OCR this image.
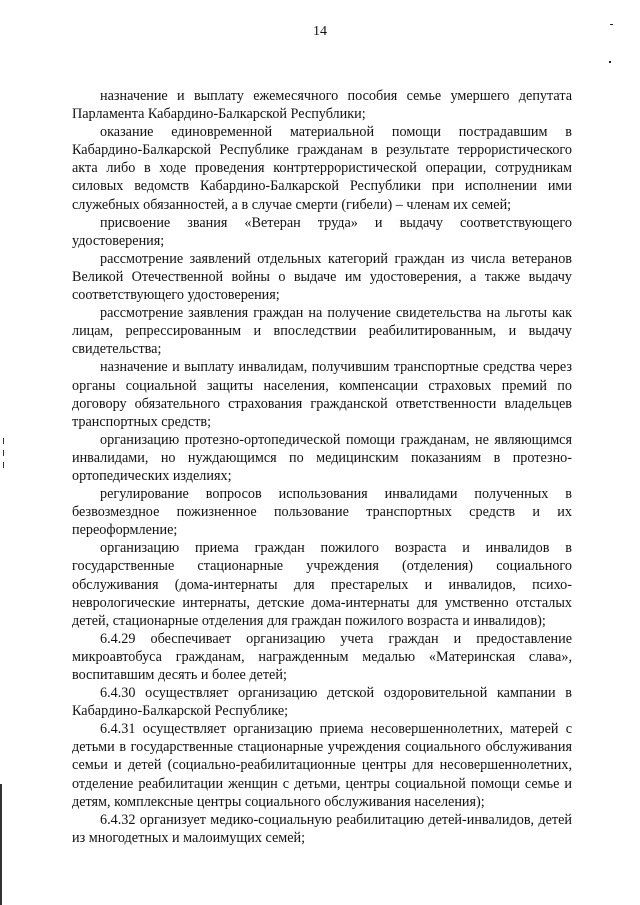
14

назначение и выплату ежемесячного пособия семье умершего депутата Парламента Кабардино-Балкарской Республики;

оказание единовременной материальной помощи пострадавшим в Кабардино-Балкарской Республике гражданам в результате террористического акта либо в ходе проведения контртеррористической операции, сотрудникам силовых ведомств Кабардино-Балкарской Республики при исполнении ими служебных обязанностей, а в случае смерти (гибели) – членам их семей;

присвоение звания «Ветеран труда» и выдачу соответствующего удостоверения;

рассмотрение заявлений отдельных категорий граждан из числа ветеранов Великой Отечественной войны о выдаче им удостоверения, а также выдачу соответствующего удостоверения;

рассмотрение заявления граждан на получение свидетельства на льготы как лицам, репрессированным и впоследствии реабилитированным, и выдачу свидетельства;

назначение и выплату инвалидам, получившим транспортные средства через органы социальной защиты населения, компенсации страховых премий по договору обязательного страхования гражданской ответственности владельцев транспортных средств;

организацию протезно-ортопедической помощи гражданам, не являющимся инвалидами, но нуждающимся по медицинским показаниям в протезно-ортопедических изделиях;

регулирование вопросов использования инвалидами полученных в безвозмездное пожизненное пользование транспортных средств и их переоформление;

организацию приема граждан пожилого возраста и инвалидов в государственные стационарные учреждения (отделения) социального обслуживания (дома-интернаты для престарелых и инвалидов, психо-неврологические интернаты, детские дома-интернаты для умственно отсталых детей, стационарные отделения для граждан пожилого возраста и инвалидов);

6.4.29 обеспечивает организацию учета граждан и предоставление микроавтобуса гражданам, награжденным медалью «Материнская слава», воспитавшим десять и более детей;

6.4.30 осуществляет организацию детской оздоровительной кампании в Кабардино-Балкарской Республике;

6.4.31 осуществляет организацию приема несовершеннолетних, матерей с детьми в государственные стационарные учреждения социального обслуживания семьи и детей (социально-реабилитационные центры для несовершеннолетних, отделение реабилитации женщин с детьми, центры социальной помощи семье и детям, комплексные центры социального обслуживания населения);

6.4.32 организует медико-социальную реабилитацию детей-инвалидов, детей из многодетных и малоимущих семей;
